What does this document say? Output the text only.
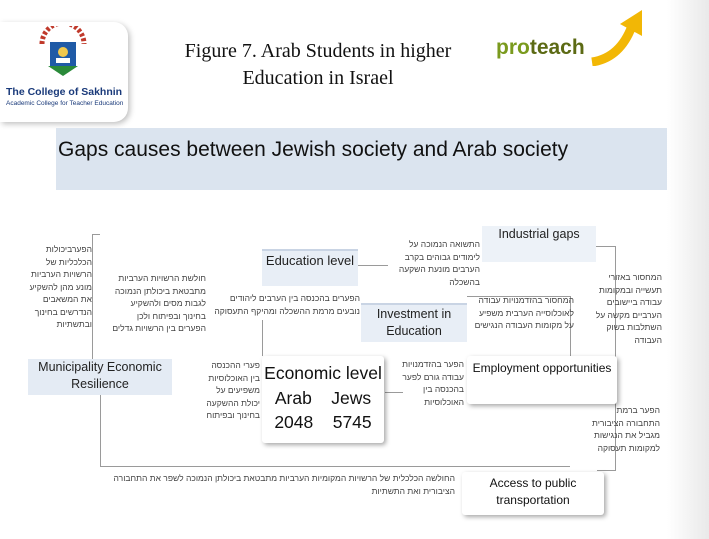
The College of Sakhnin
Academic College for Teacher Education
Figure 7. Arab Students in higher
Education in Israel
proteach
Gaps causes between Jewish society and Arab society
Education level
Investment in Education
Industrial gaps
Municipality Economic Resilience
Employment opportunities
Access to public transportation
Economic level
Arab Jews
2048 5745
הפערביכולות הכלכליות של הרשויות הערביות מונע מהן להשקיע את המשאבים הנדרשים בחינוך ובתשתיות
חולשת הרשויות הערביות מתבטאת ביכולתן הנמוכה לגבות מסים ולהשקיע בחינוך ובפיתוח ולכן הפערים בין הרשויות גדלים
הפערים בהכנסה בין הערבים ליהודים נובעים מרמת ההשכלה ומהיקף התעסוקה
פערי ההכנסה בין האוכלוסיות משפיעים על יכולת ההשקעה בחינוך ובפיתוח
התשואה הנמוכה על לימודים גבוהים בקרב הערבים מונעת השקעה בהשכלה
המחסור בהזדמנויות עבודה לאוכלוסייה הערבית משפיע על מקומות העבודה הנגישים
הפער בהזדמנויות עבודה גורם לפער בהכנסה בין האוכלוסיות
המחסור באזורי תעשייה ובמקומות עבודה ביישובים הערביים מקשה על השתלבות בשוק העבודה
הפער ברמת התחבורה הציבורית מגביל את הנגישות למקומות תעסוקה
החולשה הכלכלית של הרשויות המקומיות הערביות מתבטאת ביכולתן הנמוכה לשפר את התחבורה הציבורית ואת התשתיות
